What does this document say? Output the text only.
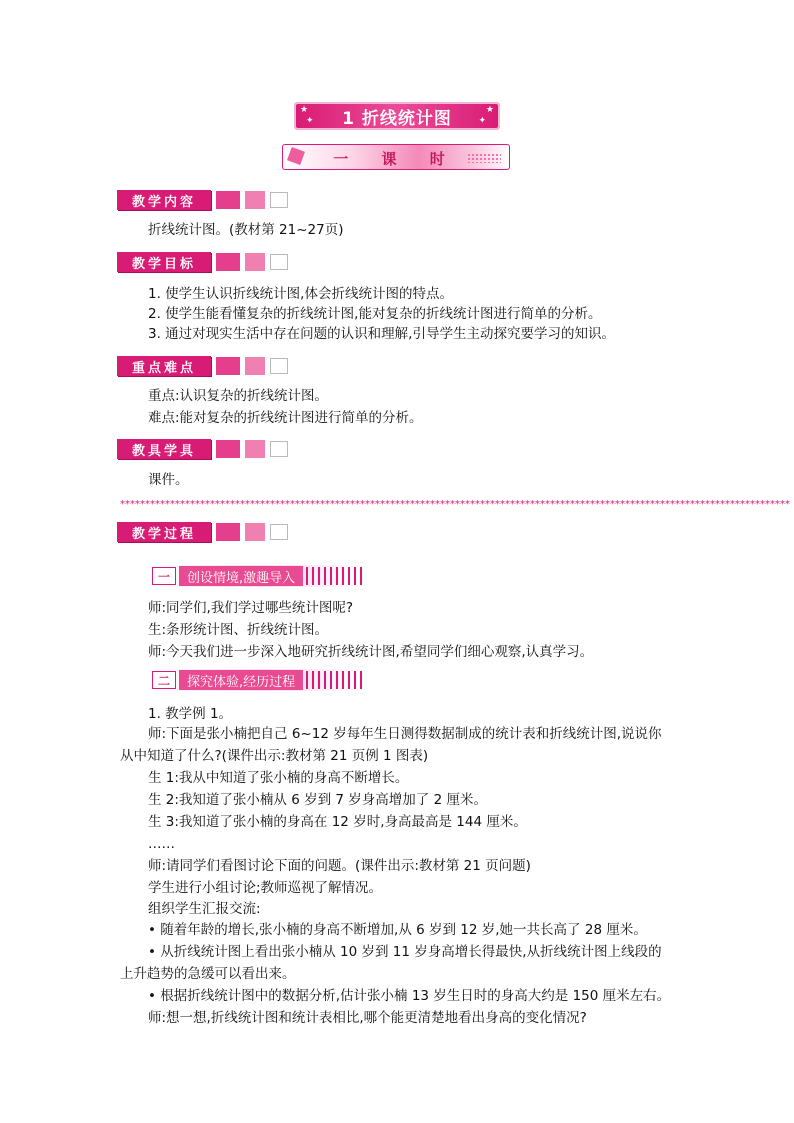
★
✦
★
✦
1 折线统计图
一 课 时
教学内容
折线统计图。(教材第 21~27页)
教学目标
1. 使学生认识折线统计图,体会折线统计图的特点。
2. 使学生能看懂复杂的折线统计图,能对复杂的折线统计图进行简单的分析。
3. 通过对现实生活中存在问题的认识和理解,引导学生主动探究要学习的知识。
重点难点
重点:认识复杂的折线统计图。
难点:能对复杂的折线统计图进行简单的分析。
教具学具
课件。
**************************************************************************************************************************************
教学过程
一	创设情境,激趣导入
师:同学们,我们学过哪些统计图呢?
生:条形统计图、折线统计图。
师:今天我们进一步深入地研究折线统计图,希望同学们细心观察,认真学习。
二	探究体验,经历过程
1. 教学例 1。
师:下面是张小楠把自己 6~12 岁每年生日测得数据制成的统计表和折线统计图,说说你
从中知道了什么?(课件出示:教材第 21 页例 1 图表)
生 1:我从中知道了张小楠的身高不断增长。
生 2:我知道了张小楠从 6 岁到 7 岁身高增加了 2 厘米。
生 3:我知道了张小楠的身高在 12 岁时,身高最高是 144 厘米。
……
师:请同学们看图讨论下面的问题。(课件出示:教材第 21 页问题)
学生进行小组讨论;教师巡视了解情况。
组织学生汇报交流:
• 随着年龄的增长,张小楠的身高不断增加,从 6 岁到 12 岁,她一共长高了 28 厘米。
• 从折线统计图上看出张小楠从 10 岁到 11 岁身高增长得最快,从折线统计图上线段的
上升趋势的急缓可以看出来。
• 根据折线统计图中的数据分析,估计张小楠 13 岁生日时的身高大约是 150 厘米左右。
师:想一想,折线统计图和统计表相比,哪个能更清楚地看出身高的变化情况?
